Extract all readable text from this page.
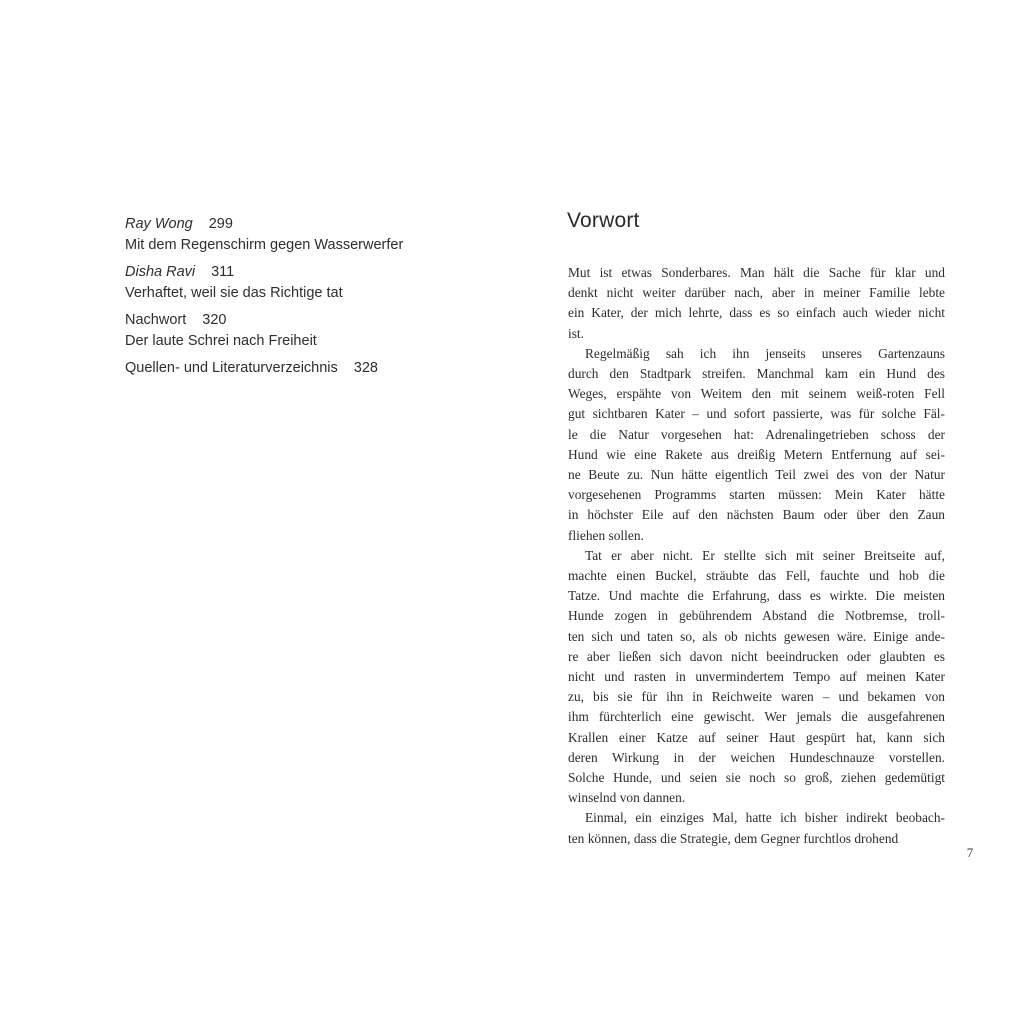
Ray Wong 299
Mit dem Regenschirm gegen Wasserwerfer
Disha Ravi 311
Verhaftet, weil sie das Richtige tat
Nachwort 320
Der laute Schrei nach Freiheit
Quellen- und Literaturverzeichnis 328
Vorwort
Mut ist etwas Sonderbares. Man hält die Sache für klar und
denkt nicht weiter darüber nach, aber in meiner Familie lebte
ein Kater, der mich lehrte, dass es so einfach auch wieder nicht
ist.
Regelmäßig sah ich ihn jenseits unseres Gartenzauns
durch den Stadtpark streifen. Manchmal kam ein Hund des
Weges, erspähte von Weitem den mit seinem weiß-roten Fell
gut sichtbaren Kater – und sofort passierte, was für solche Fäl-
le die Natur vorgesehen hat: Adrenalingetrieben schoss der
Hund wie eine Rakete aus dreißig Metern Entfernung auf sei-
ne Beute zu. Nun hätte eigentlich Teil zwei des von der Natur
vorgesehenen Programms starten müssen: Mein Kater hätte
in höchster Eile auf den nächsten Baum oder über den Zaun
fliehen sollen.
Tat er aber nicht. Er stellte sich mit seiner Breitseite auf,
machte einen Buckel, sträubte das Fell, fauchte und hob die
Tatze. Und machte die Erfahrung, dass es wirkte. Die meisten
Hunde zogen in gebührendem Abstand die Notbremse, troll-
ten sich und taten so, als ob nichts gewesen wäre. Einige ande-
re aber ließen sich davon nicht beeindrucken oder glaubten es
nicht und rasten in unvermindertem Tempo auf meinen Kater
zu, bis sie für ihn in Reichweite waren – und bekamen von
ihm fürchterlich eine gewischt. Wer jemals die ausgefahrenen
Krallen einer Katze auf seiner Haut gespürt hat, kann sich
deren Wirkung in der weichen Hundeschnauze vorstellen.
Solche Hunde, und seien sie noch so groß, ziehen gedemütigt
winselnd von dannen.
Einmal, ein einziges Mal, hatte ich bisher indirekt beobach-
ten können, dass die Strategie, dem Gegner furchtlos drohend
7
